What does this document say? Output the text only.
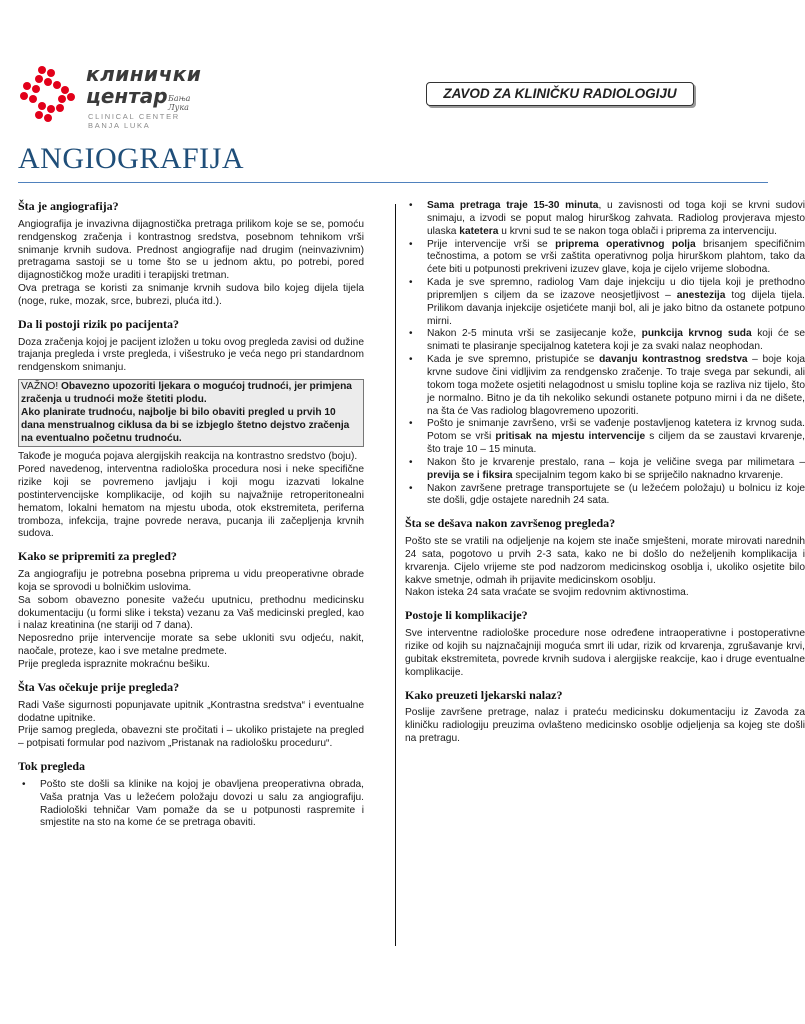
клинички
центар Бања Лука
CLINICAL CENTER BANJA LUKA
ZAVOD ZA KLINIČKU RADIOLOGIJU
ANGIOGRAFIJA
Šta je angiografija?

Angiografija je invazivna dijagnostička pretraga prilikom koje se se, pomoću rendgenskog zračenja i kontrastnog sredstva, posebnom tehnikom vrši snimanje krvnih sudova. Prednost angiografije nad drugim (neinvazivnim) pretragama sastoji se u tome što se u jednom aktu, po potrebi, pored dijagnostičkog može uraditi i terapijski tretman.

Ova pretraga se koristi za snimanje krvnih sudova bilo kojeg dijela tijela (noge, ruke, mozak, srce, bubrezi, pluća itd.).

Da li postoji rizik po pacijenta?

Doza zračenja kojoj je pacijent izložen u toku ovog pregleda zavisi od dužine trajanja pregleda i vrste pregleda, i višestruko je veća nego pri standardnom rendgenskom snimanju.

VAŽNO! Obavezno upozoriti ljekara o mogućoj trudnoći, jer primjena zračenja u trudnoći može štetiti plodu.
Ako planirate trudnoću, najbolje bi bilo obaviti pregled u prvih 10 dana menstrualnog ciklusa da bi se izbjeglo štetno dejstvo zračenja na eventualno početnu trudnoću.

Takođe je moguća pojava alergijskih reakcija na kontrastno sredstvo (boju).

Pored navedenog, interventna radiološka procedura nosi i neke specifične rizike koji se povremeno javljaju i koji mogu izazvati lokalne postintervencijske komplikacije, od kojih su najvažnije retroperitonealni hematom, lokalni hematom na mjestu uboda, otok ekstremiteta, periferna tromboza, infekcija, trajne povrede nerava, pucanja ili začepljenja krvnih sudova.

Kako se pripremiti za pregled?

Za angiografiju je potrebna posebna priprema u vidu preoperativne obrade koja se sprovodi u bolničkim uslovima.

Sa sobom obavezno ponesite važeću uputnicu, prethodnu medicinsku dokumentaciju (u formi slike i teksta) vezanu za Vaš medicinski pregled, kao i nalaz kreatinina (ne stariji od 7 dana).

Neposredno prije intervencije morate sa sebe ukloniti svu odjeću, nakit, naočale, proteze, kao i sve metalne predmete.

Prije pregleda ispraznite mokraćnu bešiku.

Šta Vas očekuje prije pregleda?

Radi Vaše sigurnosti popunjavate upitnik „Kontrastna sredstva“ i eventualne dodatne upitnike.

Prije samog pregleda, obavezni ste pročitati i – ukoliko pristajete na pregled – potpisati formular pod nazivom „Pristanak na radiološku proceduru“.

Tok pregleda
• Pošto ste došli sa klinike na kojoj je obavljena preoperativna obrada, Vaša pratnja Vas u ležećem položaju dovozi u salu za angiografiju. Radiološki tehničar Vam pomaže da se u potpunosti raspremite i smjestite na sto na kome će se pretraga obaviti.
• Sama pretraga traje 15-30 minuta, u zavisnosti od toga koji se krvni sudovi snimaju, a izvodi se poput malog hirurškog zahvata. Radiolog provjerava mjesto ulaska katetera u krvni sud te se nakon toga oblači i priprema za intervenciju.
• Prije intervencije vrši se priprema operativnog polja brisanjem specifičnim tečnostima, a potom se vrši zaštita operativnog polja hirurškom plahtom, tako da ćete biti u potpunosti prekriveni izuzev glave, koja je cijelo vrijeme slobodna.
• Kada je sve spremno, radiolog Vam daje injekciju u dio tijela koji je prethodno pripremljen s ciljem da se izazove neosjetljivost – anestezija tog dijela tijela. Prilikom davanja injekcije osjetićete manji bol, ali je jako bitno da ostanete potpuno mirni.
• Nakon 2-5 minuta vrši se zasijecanje kože, punkcija krvnog suda koji će se snimati te plasiranje specijalnog katetera koji je za svaki nalaz neophodan.
• Kada je sve spremno, pristupiće se davanju kontrastnog sredstva – boje koja krvne sudove čini vidljivim za rendgensko zračenje. To traje svega par sekundi, ali tokom toga možete osjetiti nelagodnost u smislu topline koja se razliva niz tijelo, što je normalno. Bitno je da tih nekoliko sekundi ostanete potpuno mirni i da ne dišete, na šta će Vas radiolog blagovremeno upozoriti.
• Pošto je snimanje završeno, vrši se vađenje postavljenog katetera iz krvnog suda. Potom se vrši pritisak na mjestu intervencije s ciljem da se zaustavi krvarenje, što traje 10 – 15 minuta.
• Nakon što je krvarenje prestalo, rana – koja je veličine svega par milimetara – previja se i fiksira specijalnim tegom kako bi se spriječilo naknadno krvarenje.
• Nakon završene pretrage transportujete se (u ležećem položaju) u bolnicu iz koje ste došli, gdje ostajete narednih 24 sata.
Šta se dešava nakon završenog pregleda?

Pošto ste se vratili na odjeljenje na kojem ste inače smješteni, morate mirovati narednih 24 sata, pogotovo u prvih 2-3 sata, kako ne bi došlo do neželjenih komplikacija i krvarenja. Cijelo vrijeme ste pod nadzorom medicinskog osoblja i, ukoliko osjetite bilo kakve smetnje, odmah ih prijavite medicinskom osoblju.

Nakon isteka 24 sata vraćate se svojim redovnim aktivnostima.

Postoje li komplikacije?

Sve interventne radiološke procedure nose određene intraoperativne i postoperativne rizike od kojih su najznačajniji moguća smrt ili udar, rizik od krvarenja, zgrušavanje krvi, gubitak ekstremiteta, povrede krvnih sudova i alergijske reakcije, kao i druge eventualne komplikacije.

Kako preuzeti ljekarski nalaz?

Poslije završene pretrage, nalaz i prateću medicinsku dokumentaciju iz Zavoda za kliničku radiologiju preuzima ovlašteno medicinsko osoblje odjeljenja sa kojeg ste došli na pretragu.
